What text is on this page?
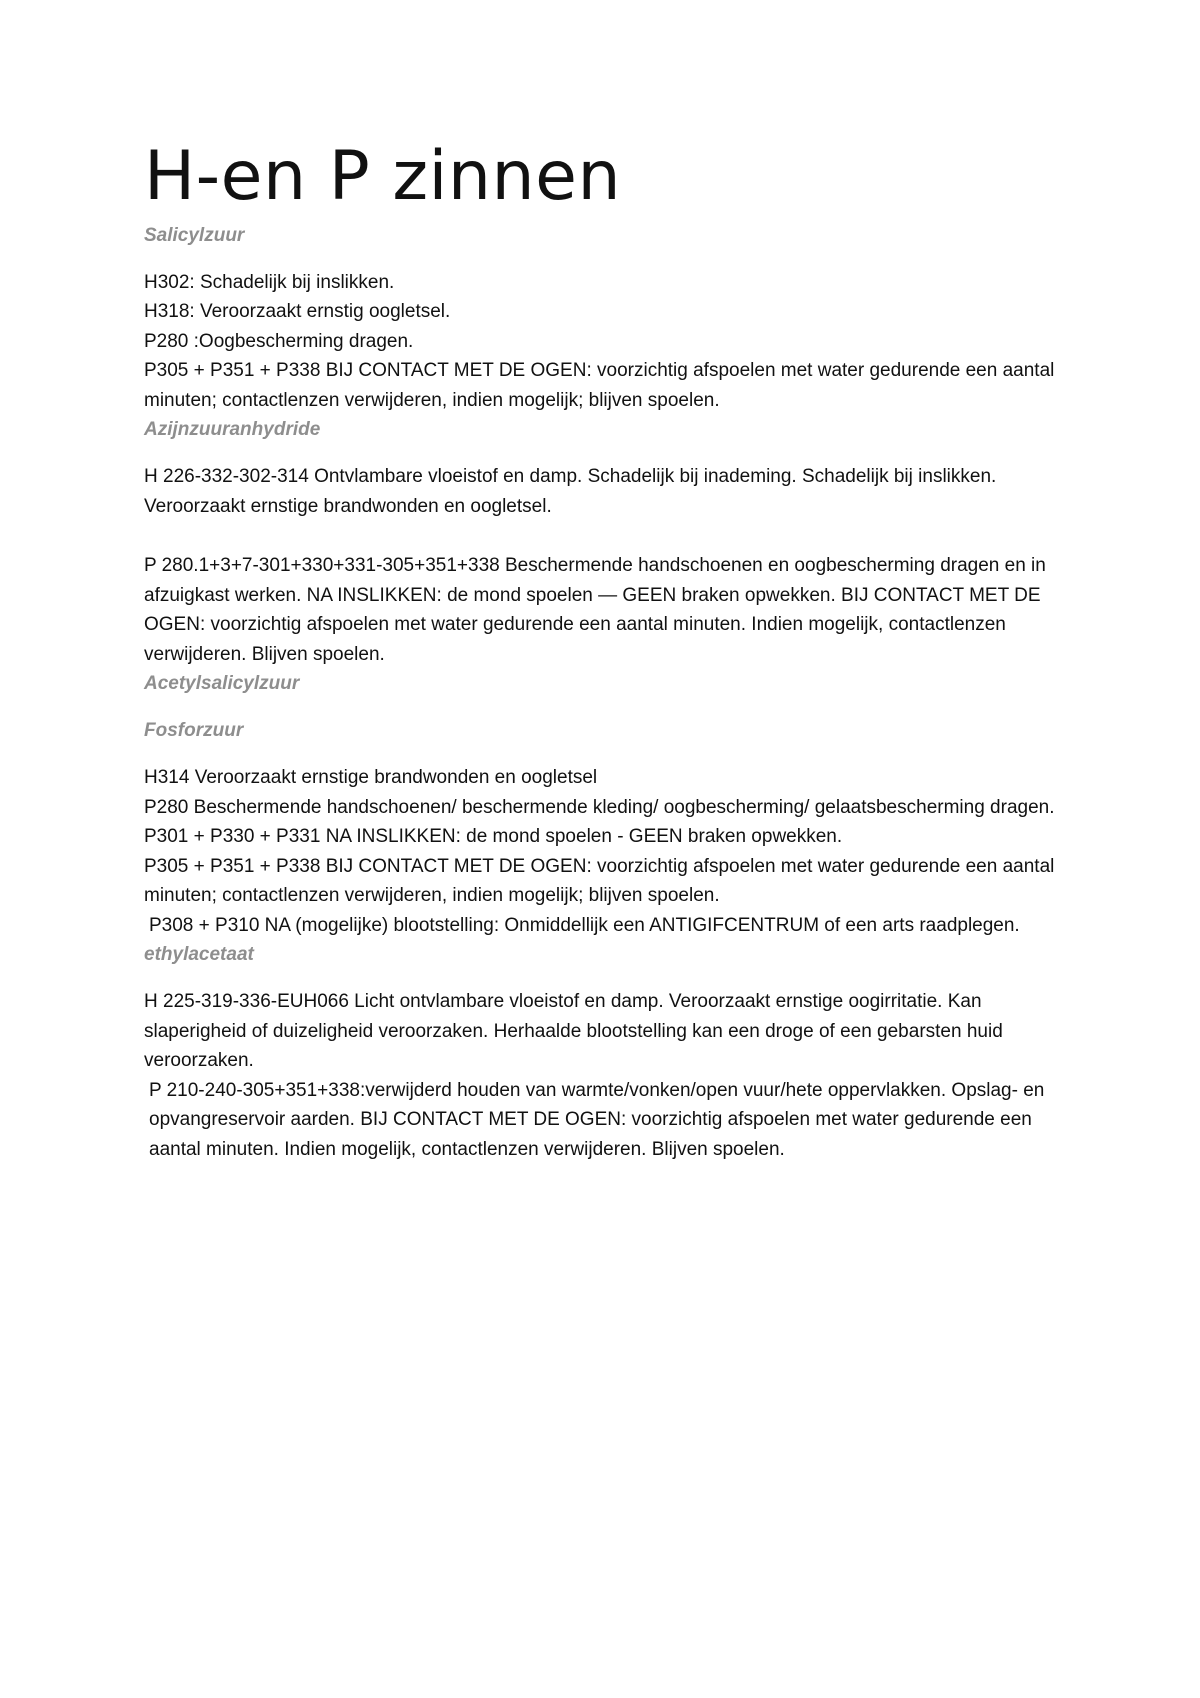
H-en P zinnen

Salicylzuur

H302: Schadelijk bij inslikken.

H318: Veroorzaakt ernstig oogletsel.

P280 :Oogbescherming dragen.

P305 + P351 + P338 BIJ CONTACT MET DE OGEN: voorzichtig afspoelen met water gedurende een aantal minuten; contactlenzen verwijderen, indien mogelijk; blijven spoelen.

Azijnzuuranhydride

H 226-332-302-314 Ontvlambare vloeistof en damp. Schadelijk bij inademing. Schadelijk bij inslikken. Veroorzaakt ernstige brandwonden en oogletsel.

P 280.1+3+7-301+330+331-305+351+338 Beschermende handschoenen en oogbescherming dragen en in afzuigkast werken. NA INSLIKKEN: de mond spoelen — GEEN braken opwekken. BIJ CONTACT MET DE OGEN: voorzichtig afspoelen met water gedurende een aantal minuten. Indien mogelijk, contactlenzen verwijderen. Blijven spoelen.

Acetylsalicylzuur

Fosforzuur

H314 Veroorzaakt ernstige brandwonden en oogletsel

P280 Beschermende handschoenen/ beschermende kleding/ oogbescherming/ gelaatsbescherming dragen.

P301 + P330 + P331 NA INSLIKKEN: de mond spoelen - GEEN braken opwekken.

P305 + P351 + P338 BIJ CONTACT MET DE OGEN: voorzichtig afspoelen met water gedurende een aantal minuten; contactlenzen verwijderen, indien mogelijk; blijven spoelen.

P308 + P310 NA (mogelijke) blootstelling: Onmiddellijk een ANTIGIFCENTRUM of een arts raadplegen.

ethylacetaat

H 225-319-336-EUH066 Licht ontvlambare vloeistof en damp. Veroorzaakt ernstige oogirritatie. Kan slaperigheid of duizeligheid veroorzaken. Herhaalde blootstelling kan een droge of een gebarsten huid veroorzaken.

P 210-240-305+351+338:verwijderd houden van warmte/vonken/open vuur/hete oppervlakken. Opslag- en opvangreservoir aarden. BIJ CONTACT MET DE OGEN: voorzichtig afspoelen met water gedurende een aantal minuten. Indien mogelijk, contactlenzen verwijderen. Blijven spoelen.
